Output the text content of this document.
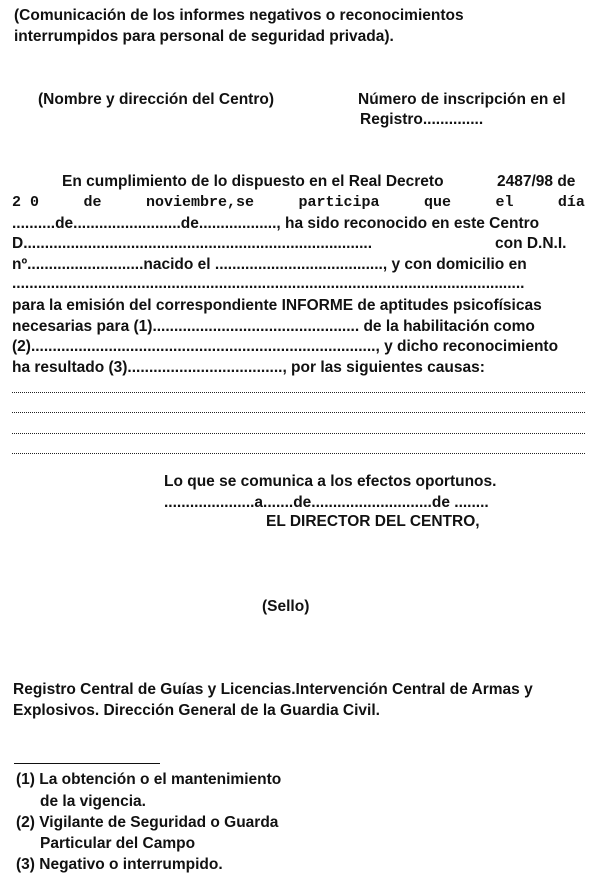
(Comunicación de los informes negativos o reconocimientos
interrumpidos para personal de seguridad privada).
(Nombre y dirección del Centro)	Número de inscripción en el
Registro..............
En cumplimiento de lo dispuesto en el Real Decreto	2487/98 de
2 0	de	noviembre,se	participa	que	el	día
..........de.........................de.................., ha sido reconocido en este Centro
D.................................................................................	con D.N.I.
nº...........................nacido el ......................................., y con domicilio en
.......................................................................................................................
para la emisión del correspondiente INFORME de aptitudes psicofísicas
necesarias para (1)................................................ de la habilitación como
(2)................................................................................, y dicho reconocimiento
ha resultado (3)...................................., por las siguientes causas:
Lo que se comunica a los efectos oportunos.
.....................a.......de............................de ........
EL DIRECTOR DEL CENTRO,
(Sello)
Registro Central de Guías y Licencias.Intervención Central de Armas y
Explosivos. Dirección General de la Guardia Civil.
(1) La obtención o el mantenimiento
de la vigencia.
(2) Vigilante de Seguridad o Guarda
Particular del Campo
(3) Negativo o interrumpido.
